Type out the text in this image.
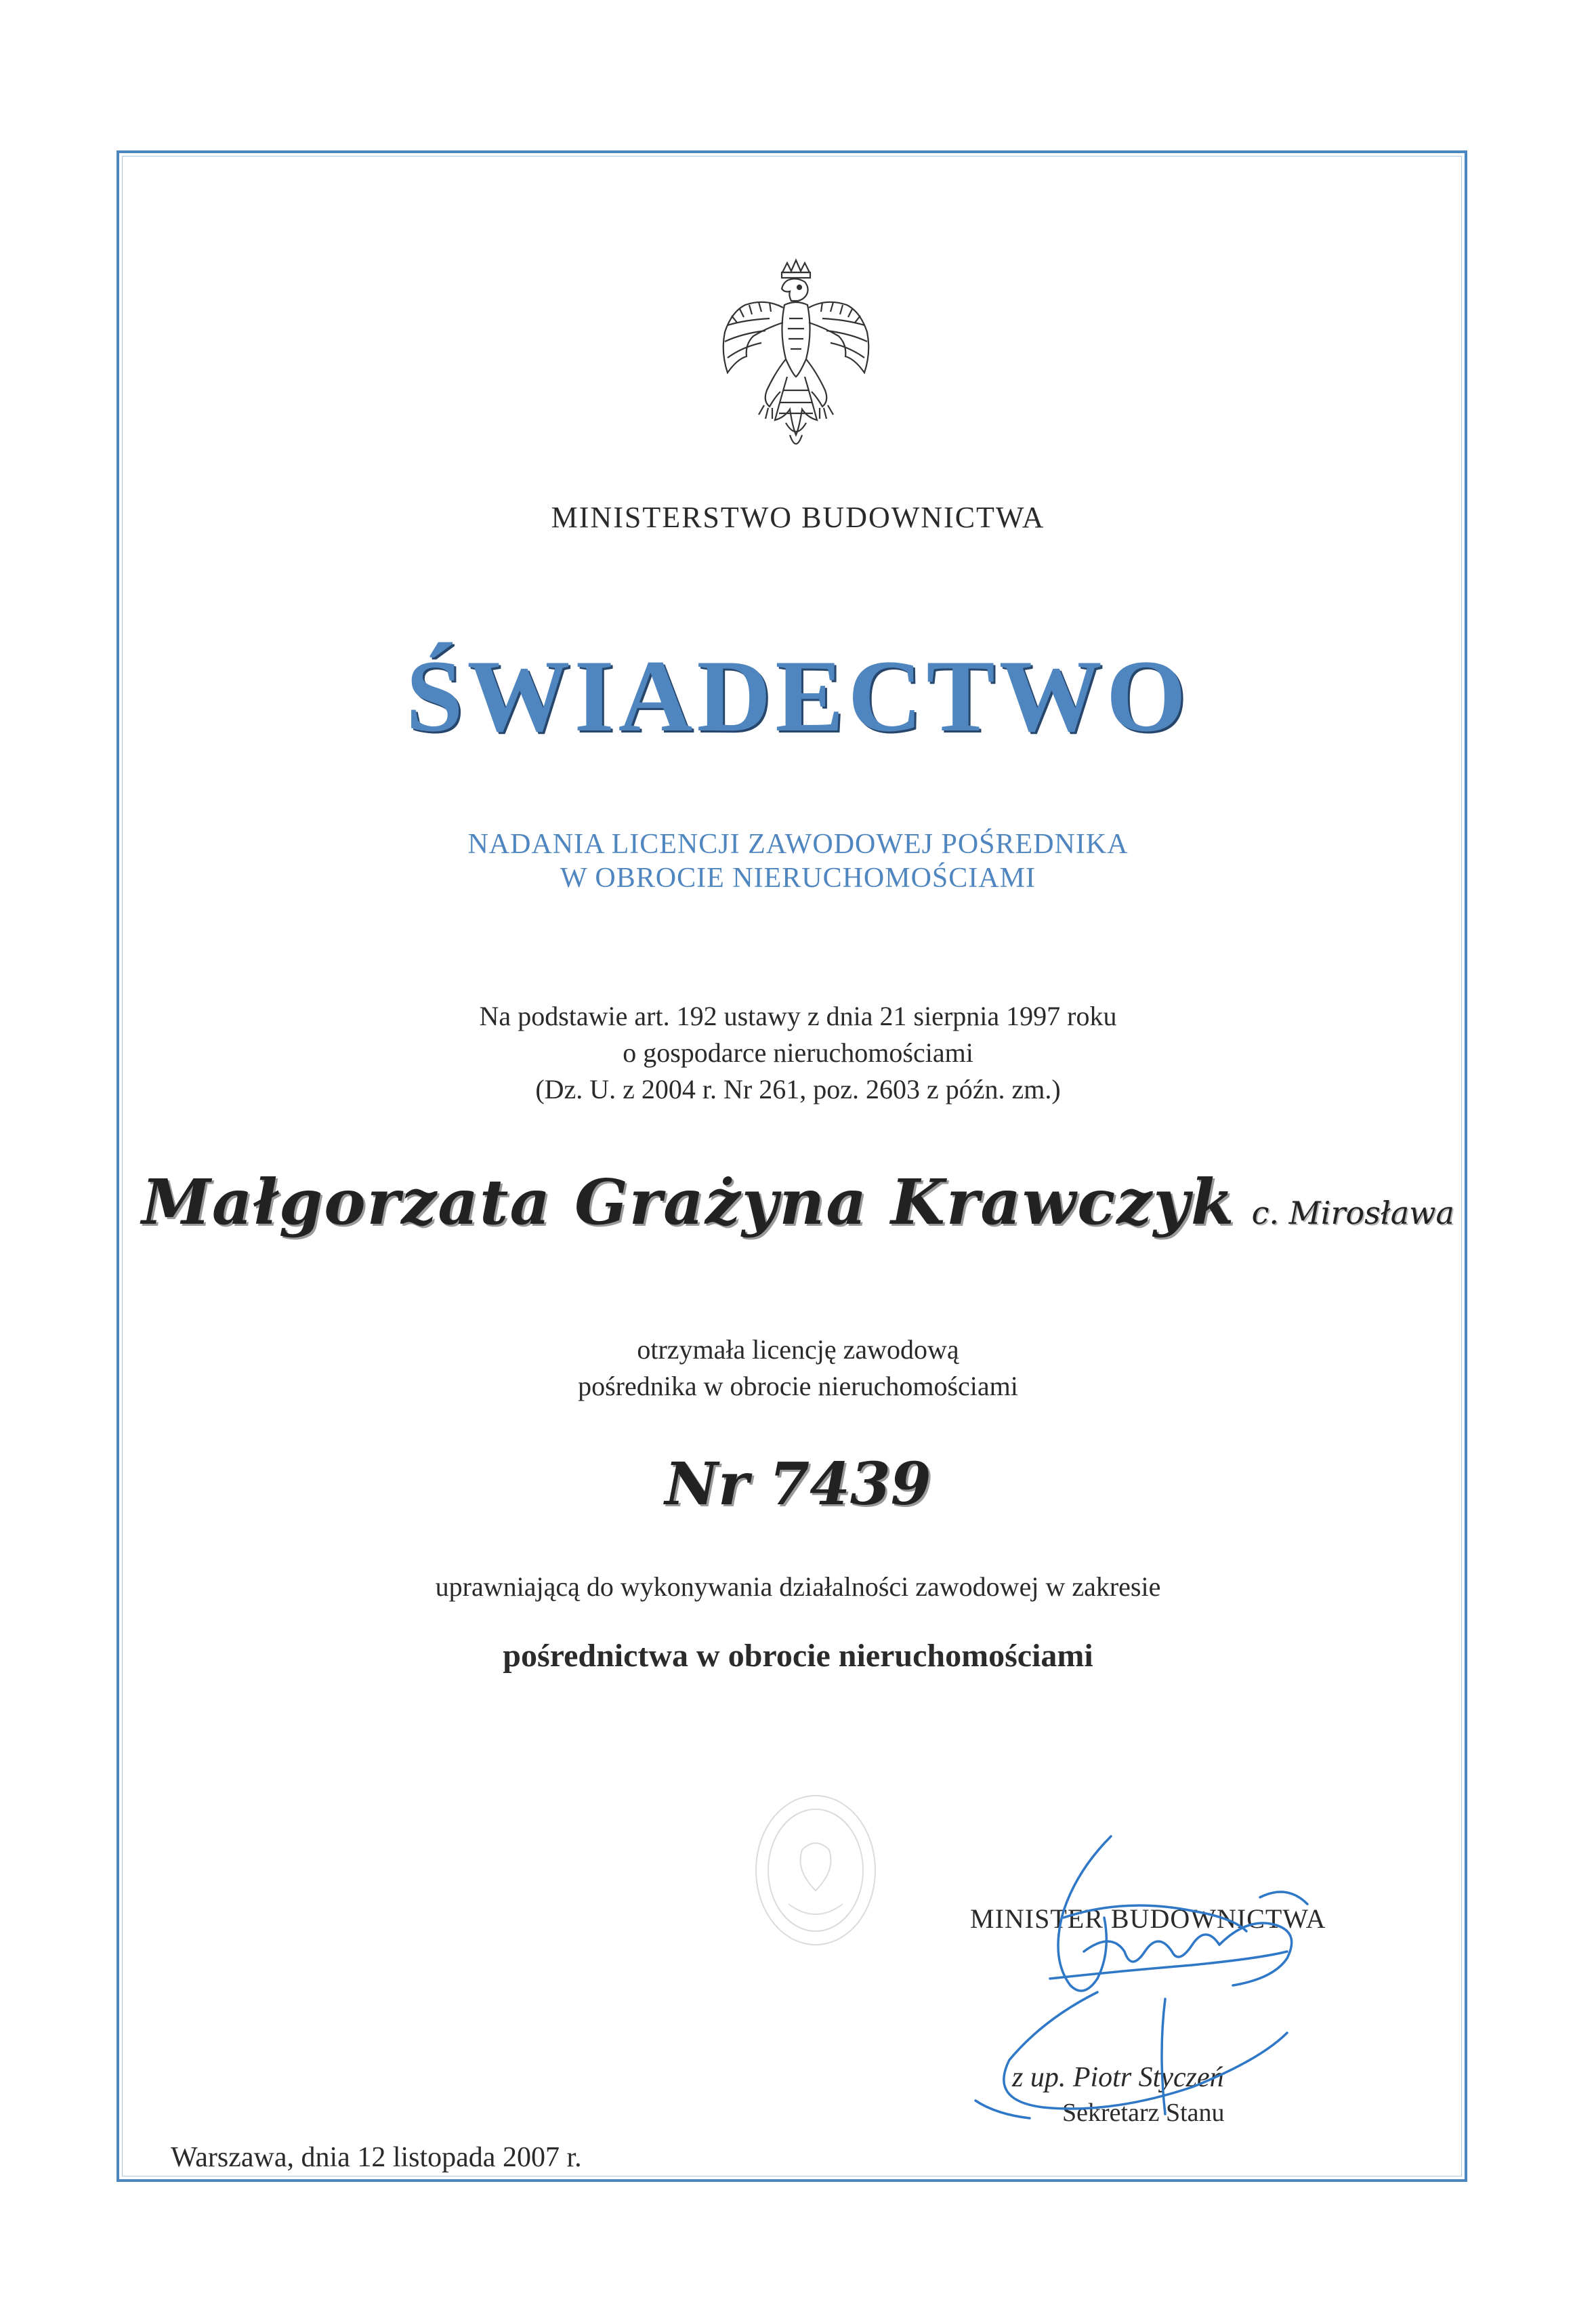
MINISTERSTWO BUDOWNICTWA
ŚWIADECTWO
NADANIA LICENCJI ZAWODOWEJ POŚREDNIKA
W OBROCIE NIERUCHOMOŚCIAMI
Na podstawie art. 192 ustawy z dnia 21 sierpnia 1997 roku
o gospodarce nieruchomościami
(Dz. U. z 2004 r. Nr 261, poz. 2603 z późn. zm.)
Małgorzata Grażyna Krawczyk c. Mirosława
otrzymała licencję zawodową
pośrednika w obrocie nieruchomościami
Nr 7439
uprawniającą do wykonywania działalności zawodowej w zakresie
pośrednictwa w obrocie nieruchomościami
MINISTER BUDOWNICTWA
z up. Piotr Styczeń
Sekretarz Stanu
Warszawa, dnia 12 listopada 2007 r.
